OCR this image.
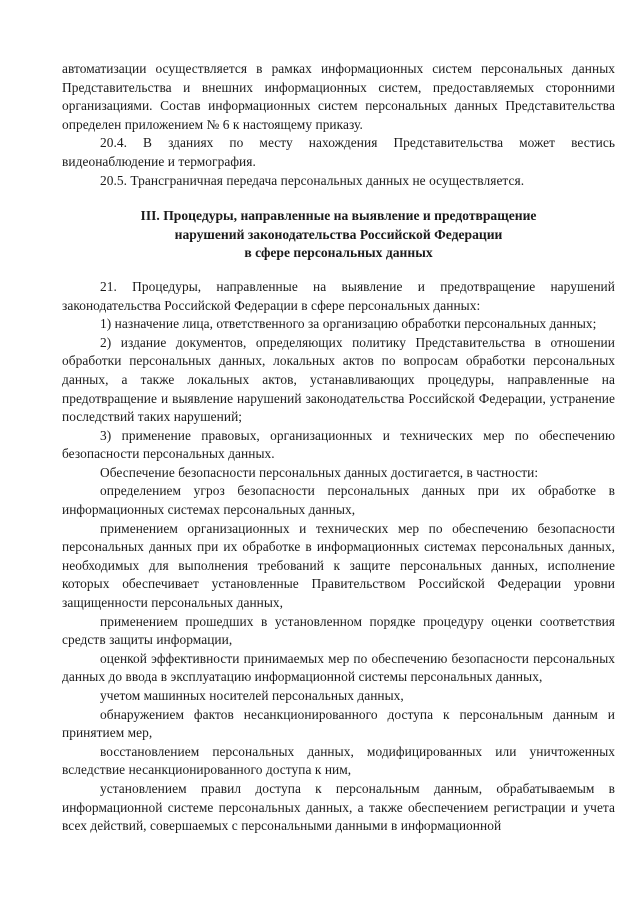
автоматизации осуществляется в рамках информационных систем персональных данных Представительства и внешних информационных систем, предоставляемых сторонними организациями. Состав информационных систем персональных данных Представительства определен приложением № 6 к настоящему приказу.

20.4. В зданиях по месту нахождения Представительства может вестись видеонаблюдение и термография.

20.5. Трансграничная передача персональных данных не осуществляется.

III. Процедуры, направленные на выявление и предотвращение
нарушений законодательства Российской Федерации
в сфере персональных данных

21. Процедуры, направленные на выявление и предотвращение нарушений законодательства Российской Федерации в сфере персональных данных:

1) назначение лица, ответственного за организацию обработки персональных данных;

2) издание документов, определяющих политику Представительства в отношении обработки персональных данных, локальных актов по вопросам обработки персональных данных, а также локальных актов, устанавливающих процедуры, направленные на предотвращение и выявление нарушений законодательства Российской Федерации, устранение последствий таких нарушений;

3) применение правовых, организационных и технических мер по обеспечению безопасности персональных данных.

Обеспечение безопасности персональных данных достигается, в частности:

определением угроз безопасности персональных данных при их обработке в информационных системах персональных данных,

применением организационных и технических мер по обеспечению безопасности персональных данных при их обработке в информационных системах персональных данных, необходимых для выполнения требований к защите персональных данных, исполнение которых обеспечивает установленные Правительством Российской Федерации уровни защищенности персональных данных,

применением прошедших в установленном порядке процедуру оценки соответствия средств защиты информации,

оценкой эффективности принимаемых мер по обеспечению безопасности персональных данных до ввода в эксплуатацию информационной системы персональных данных,

учетом машинных носителей персональных данных,

обнаружением фактов несанкционированного доступа к персональным данным и принятием мер,

восстановлением персональных данных, модифицированных или уничтоженных вследствие несанкционированного доступа к ним,

установлением правил доступа к персональным данным, обрабатываемым в информационной системе персональных данных, а также обеспечением регистрации и учета всех действий, совершаемых с персональными данными в информационной
